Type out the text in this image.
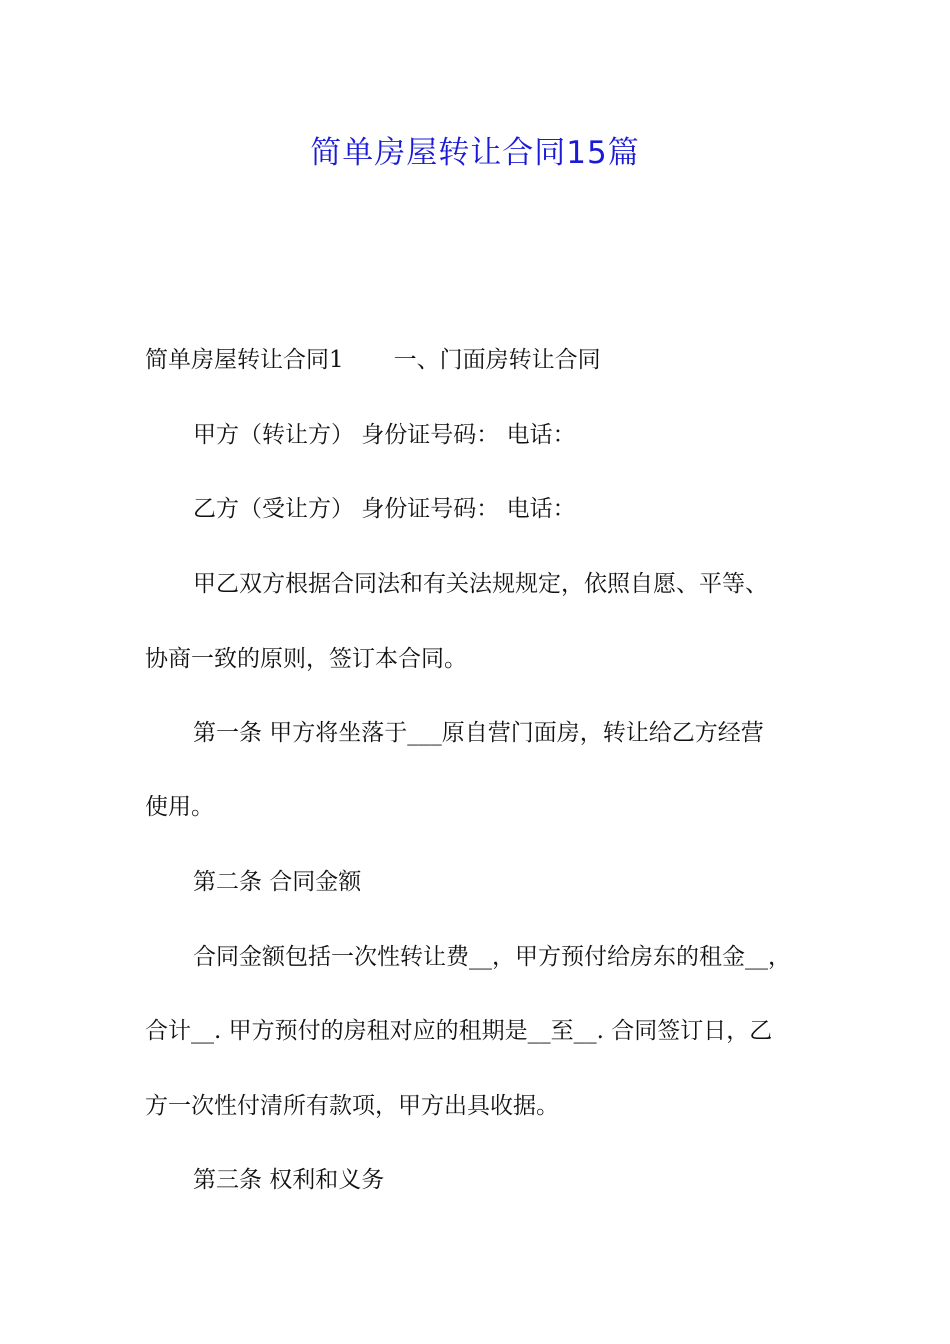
简单房屋转让合同15篇
简单房屋转让合同1 一、门面房转让合同
甲方（转让方） 身份证号码： 电话：
乙方（受让方） 身份证号码： 电话：
甲乙双方根据合同法和有关法规规定，依照自愿、平等、
协商一致的原则，签订本合同。
第一条 甲方将坐落于___原自营门面房，转让给乙方经营
使用。
第二条 合同金额
合同金额包括一次性转让费__，甲方预付给房东的租金__，
合计__. 甲方预付的房租对应的租期是__至__. 合同签订日，乙
方一次性付清所有款项，甲方出具收据。
第三条 权利和义务
